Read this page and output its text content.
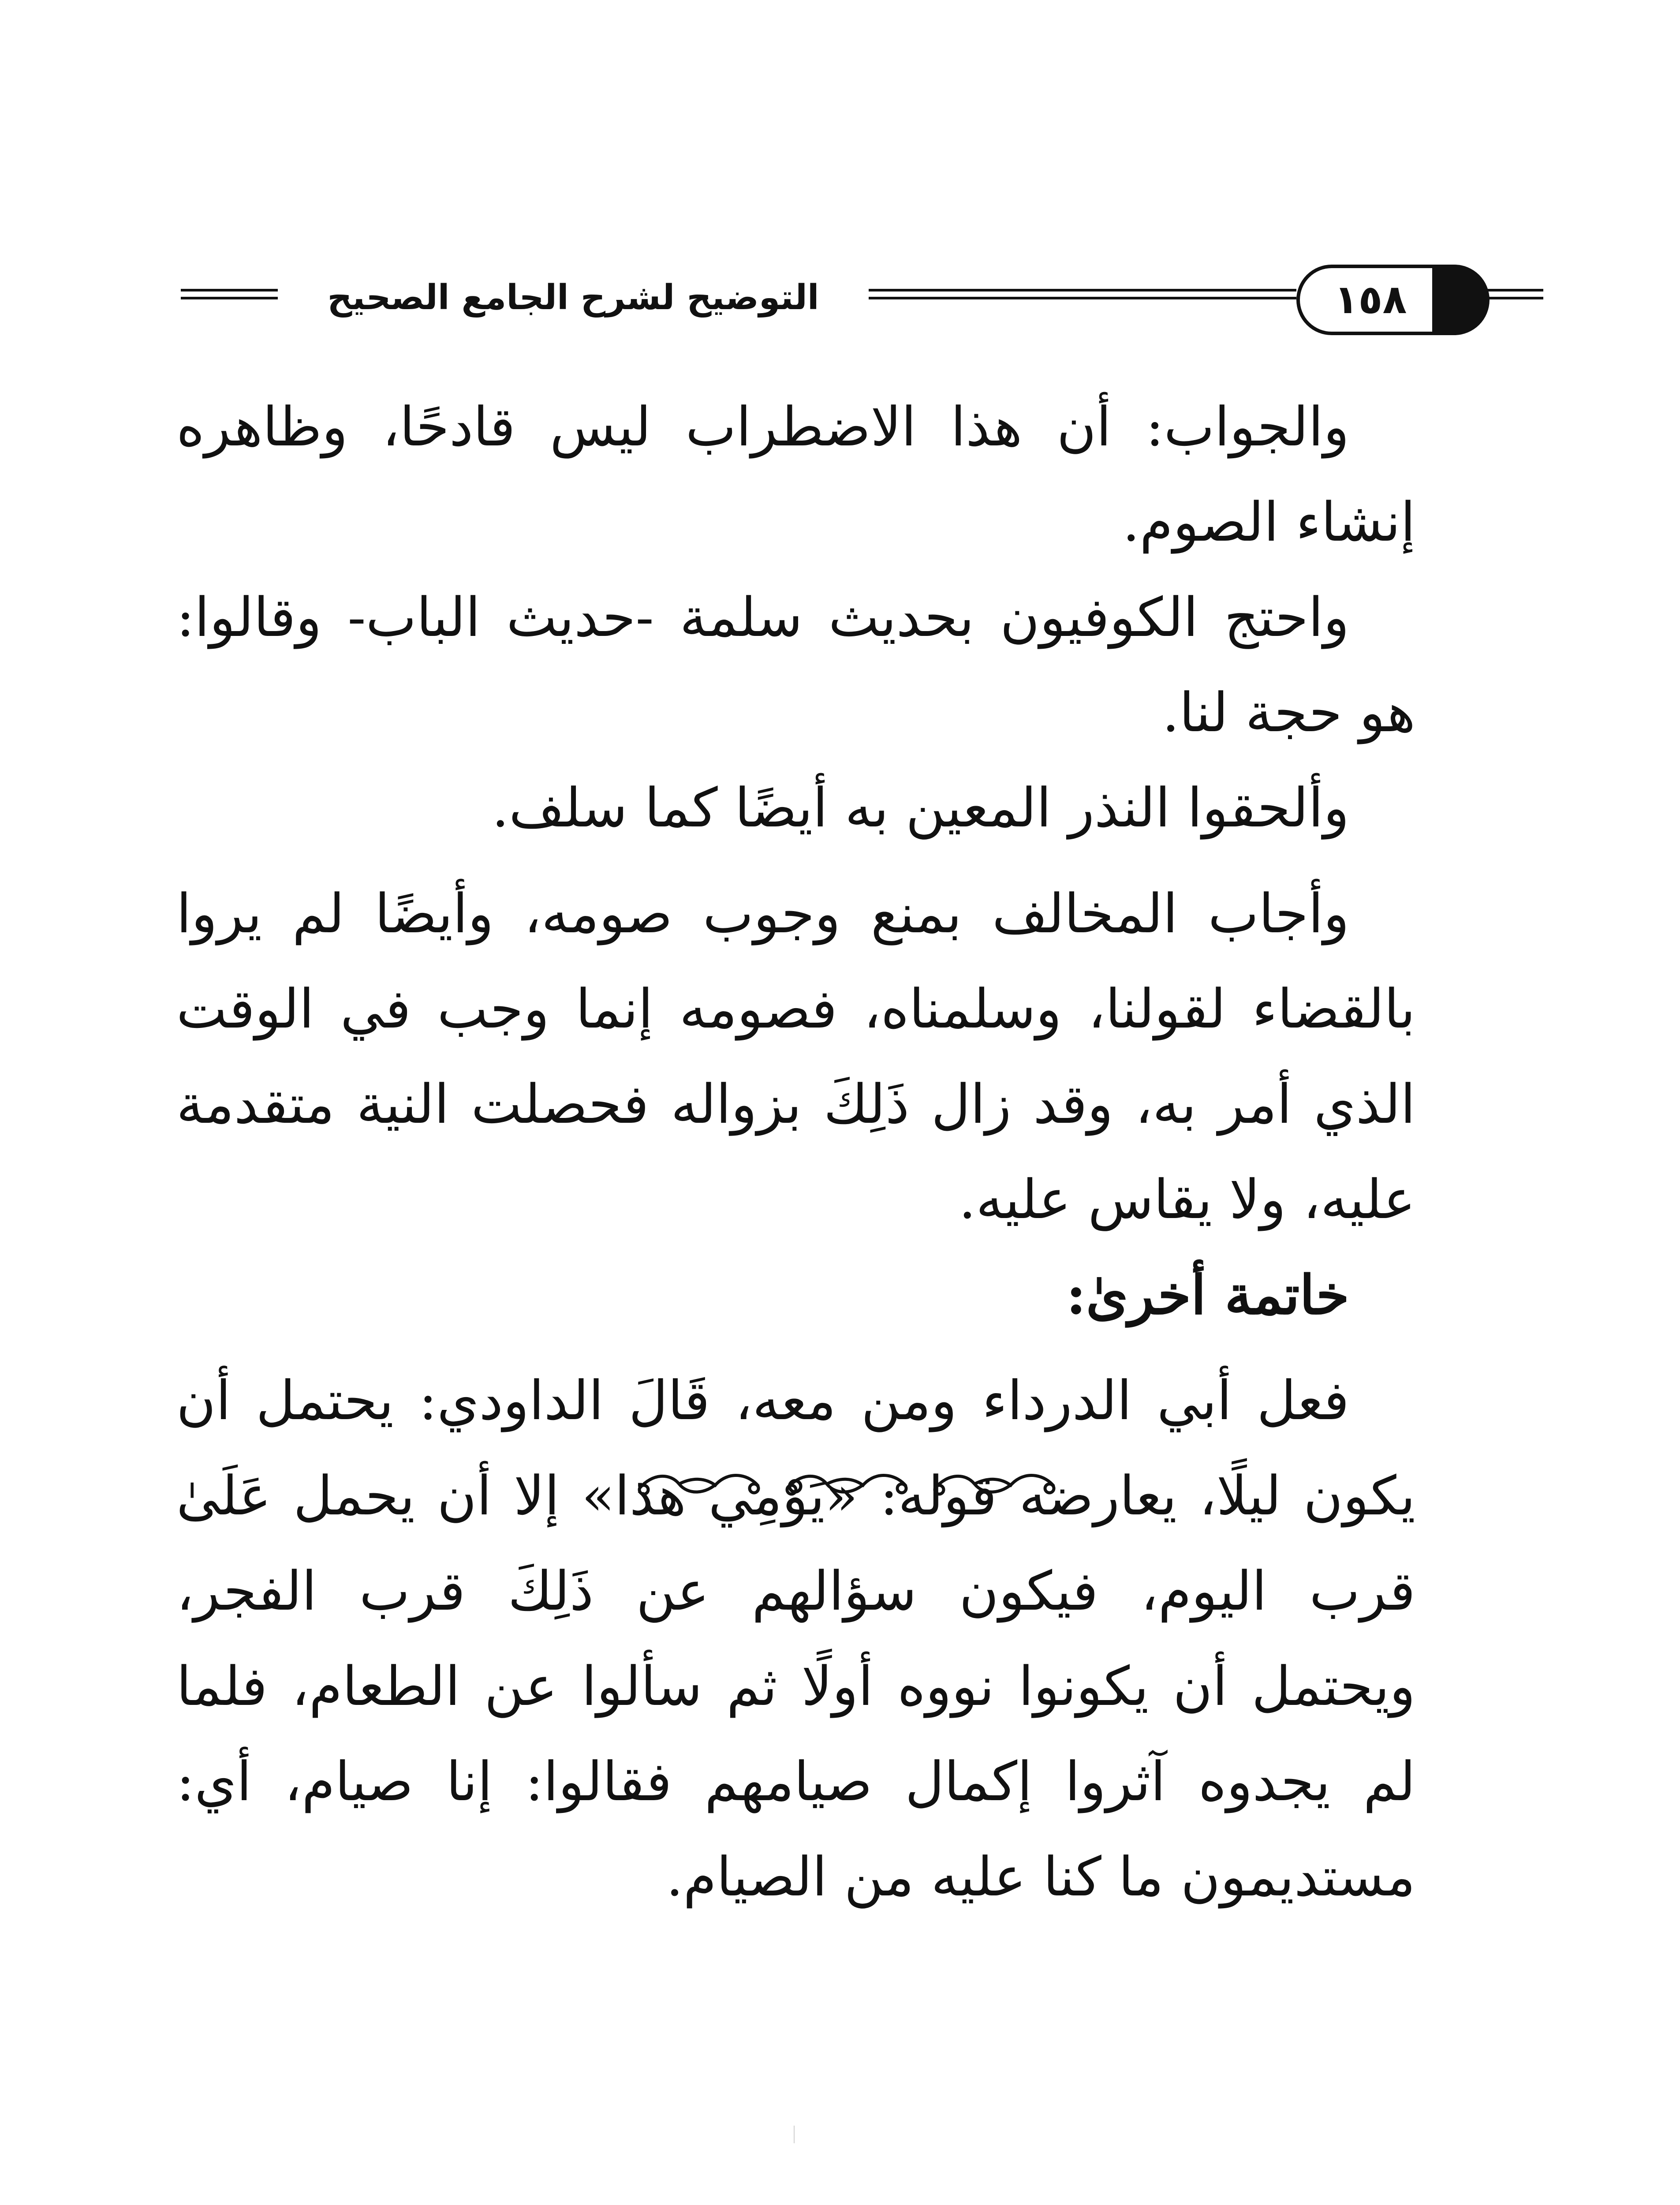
التوضيح لشرح الجامع الصحيح	١٥٨

والجواب: أن هذا الاضطراب ليس قادحًا، وظاهره إنشاء الصوم.

واحتج الكوفيون بحديث سلمة -حديث الباب- وقالوا: هو حجة لنا.

وألحقوا النذر المعين به أيضًا كما سلف.

وأجاب المخالف بمنع وجوب صومه، وأيضًا لم يروا بالقضاء لقولنا، وسلمناه، فصومه إنما وجب في الوقت الذي أمر به، وقد زال ذَلِكَ بزواله فحصلت النية متقدمة عليه، ولا يقاس عليه.

خاتمة أخرىٰ:

فعل أبي الدرداء ومن معه، قَالَ الداودي: يحتمل أن يكون ليلًا، يعارضه قوله: «يَوْمِي هذا» إلا أن يحمل عَلَىٰ قرب اليوم، فيكون سؤالهم عن ذَلِكَ قرب الفجر، ويحتمل أن يكونوا نووه أولًا ثم سألوا عن الطعام، فلما لم يجدوه آثروا إكمال صيامهم فقالوا: إنا صيام، أي: مستديمون ما كنا عليه من الصيام.
